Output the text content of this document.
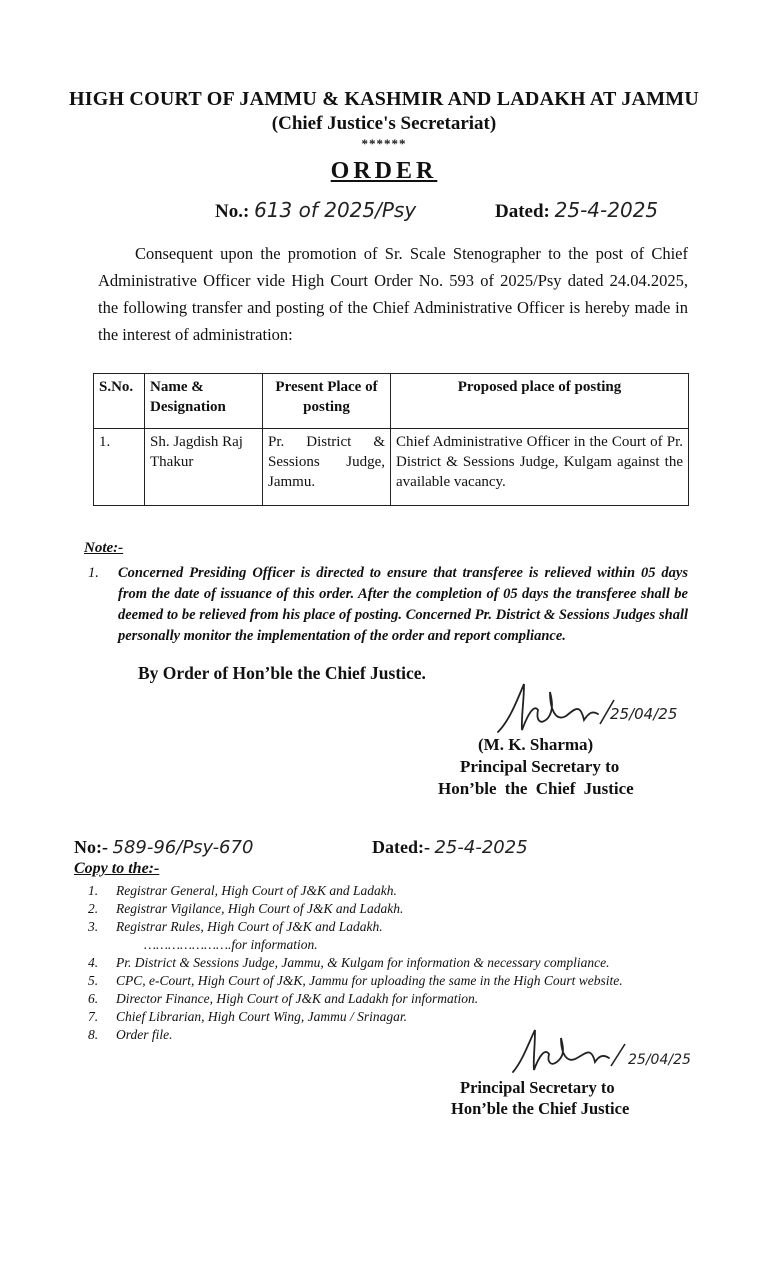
HIGH COURT OF JAMMU & KASHMIR AND LADAKH AT JAMMU
(Chief Justice's Secretariat)
******
ORDER
No.: 613 of 2025/Psy	Dated: 25-4-2025
Consequent upon the promotion of Sr. Scale Stenographer to the post of Chief Administrative Officer vide High Court Order No. 593 of 2025/Psy dated 24.04.2025, the following transfer and posting of the Chief Administrative Officer is hereby made in the interest of administration:
S.No.	Name & Designation	Present Place of posting	Proposed place of posting
1.	Sh. Jagdish Raj Thakur	Pr. District & Sessions Judge, Jammu.	Chief Administrative Officer in the Court of Pr. District & Sessions Judge, Kulgam against the available vacancy.
Note:-
1. Concerned Presiding Officer is directed to ensure that transferee is relieved within 05 days from the date of issuance of this order. After the completion of 05 days the transferee shall be deemed to be relieved from his place of posting. Concerned Pr. District & Sessions Judges shall personally monitor the implementation of the order and report compliance.
By Order of Hon’ble the Chief Justice.
25/04/25
(M. K. Sharma)
Principal Secretary to
Hon’ble the Chief Justice
No:- 589-96/Psy-670	Dated:- 25-4-2025
Copy to the:-
1. Registrar General, High Court of J&K and Ladakh.
2. Registrar Vigilance, High Court of J&K and Ladakh.
3. Registrar Rules, High Court of J&K and Ladakh.
………………….for information.
4. Pr. District & Sessions Judge, Jammu, & Kulgam for information & necessary compliance.
5. CPC, e-Court, High Court of J&K, Jammu for uploading the same in the High Court website.
6. Director Finance, High Court of J&K and Ladakh for information.
7. Chief Librarian, High Court Wing, Jammu / Srinagar.
8. Order file.
25/04/25
Principal Secretary to
Hon’ble the Chief Justice
